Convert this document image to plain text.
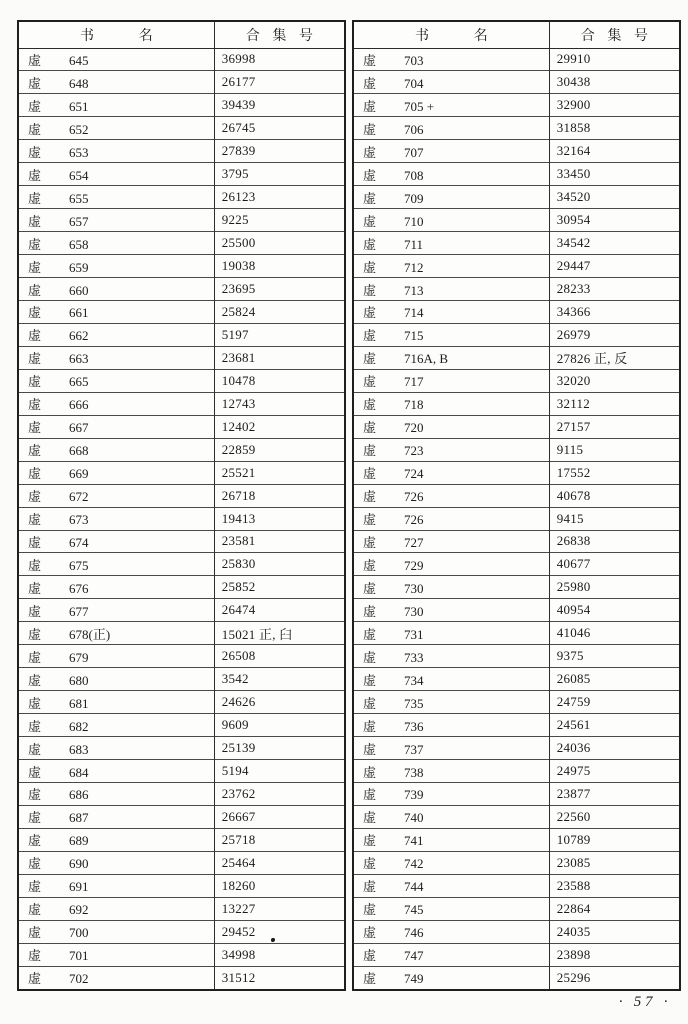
书名	合集号
虚 645	36998
虚 648	26177
虚 651	39439
虚 652	26745
虚 653	27839
虚 654	3795
虚 655	26123
虚 657	9225
虚 658	25500
虚 659	19038
虚 660	23695
虚 661	25824
虚 662	5197
虚 663	23681
虚 665	10478
虚 666	12743
虚 667	12402
虚 668	22859
虚 669	25521
虚 672	26718
虚 673	19413
虚 674	23581
虚 675	25830
虚 676	25852
虚 677	26474
虚 678(正)	15021 正, 臼
虚 679	26508
虚 680	3542
虚 681	24626
虚 682	9609
虚 683	25139
虚 684	5194
虚 686	23762
虚 687	26667
虚 689	25718
虚 690	25464
虚 691	18260
虚 692	13227
虚 700	29452
虚 701	34998
虚 702	31512
书名	合集号
虚 703	29910
虚 704	30438
虚 705 +	32900
虚 706	31858
虚 707	32164
虚 708	33450
虚 709	34520
虚 710	30954
虚 711	34542
虚 712	29447
虚 713	28233
虚 714	34366
虚 715	26979
虚 716A, B	27826 正, 反
虚 717	32020
虚 718	32112
虚 720	27157
虚 723	9115
虚 724	17552
虚 726	40678
虚 726	9415
虚 727	26838
虚 729	40677
虚 730	25980
虚 730	40954
虚 731	41046
虚 733	9375
虚 734	26085
虚 735	24759
虚 736	24561
虚 737	24036
虚 738	24975
虚 739	23877
虚 740	22560
虚 741	10789
虚 742	23085
虚 744	23588
虚 745	22864
虚 746	24035
虚 747	23898
虚 749	25296
· 57 ·
